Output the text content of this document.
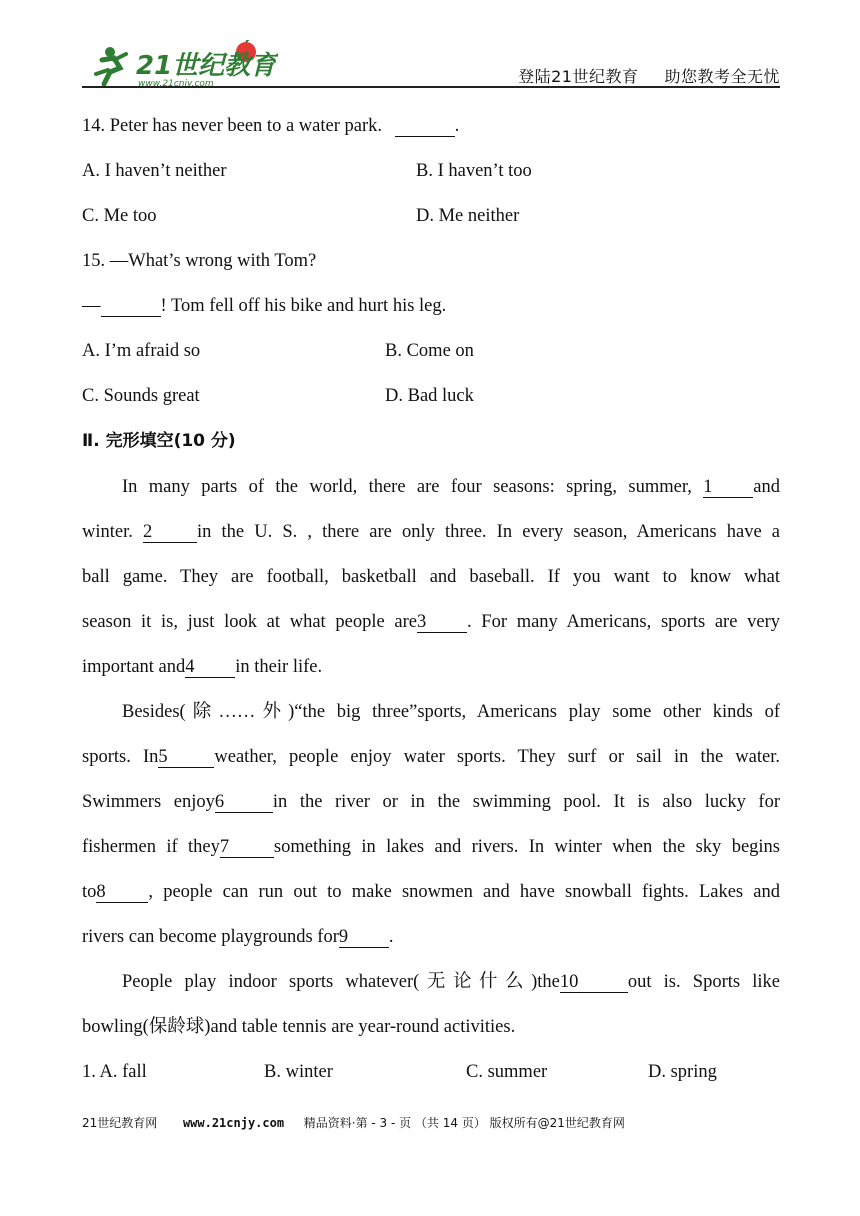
21世纪教育
www.21cnjy.com	登陆21世纪教育 助您教考全无忧
14. Peter has never been to a water park.	.
A. I haven’t neither	B. I haven’t too
C. Me too	D. Me neither
15. —What’s wrong with Tom?
—	! Tom fell off his bike and hurt his leg.
A. I’m afraid so	B. Come on
C. Sounds great	D. Bad luck
Ⅱ. 完形填空(10 分)
In many parts of the world, there are four seasons: spring, summer, 1 and
winter. 2 in the U. S. , there are only three. In every season, Americans have a
ball game. They are football, basketball and baseball. If you want to know what
season it is, just look at what people are3 . For many Americans, sports are very
important and4 in their life.
Besides(除……外)“the big three”sports, Americans play some other kinds of
sports. In5	weather, people enjoy water sports. They surf or sail in the water.
Swimmers enjoy6	in the river or in the swimming pool. It is also lucky for
fishermen if they7 something in lakes and rivers. In winter when the sky begins
to8 , people can run out to make snowmen and have snowball fights. Lakes and
rivers can become playgrounds for9 .
People play indoor sports whatever(无论什么)the10	out is. Sports like
bowling(保龄球)and table tennis are year-round activities.
1. A. fall	B. winter	C. summer	D. spring
21世纪教育网 www.21cnjy.com 精品资料·第 - 3 - 页 （共 14 页） 版权所有@21世纪教育网
